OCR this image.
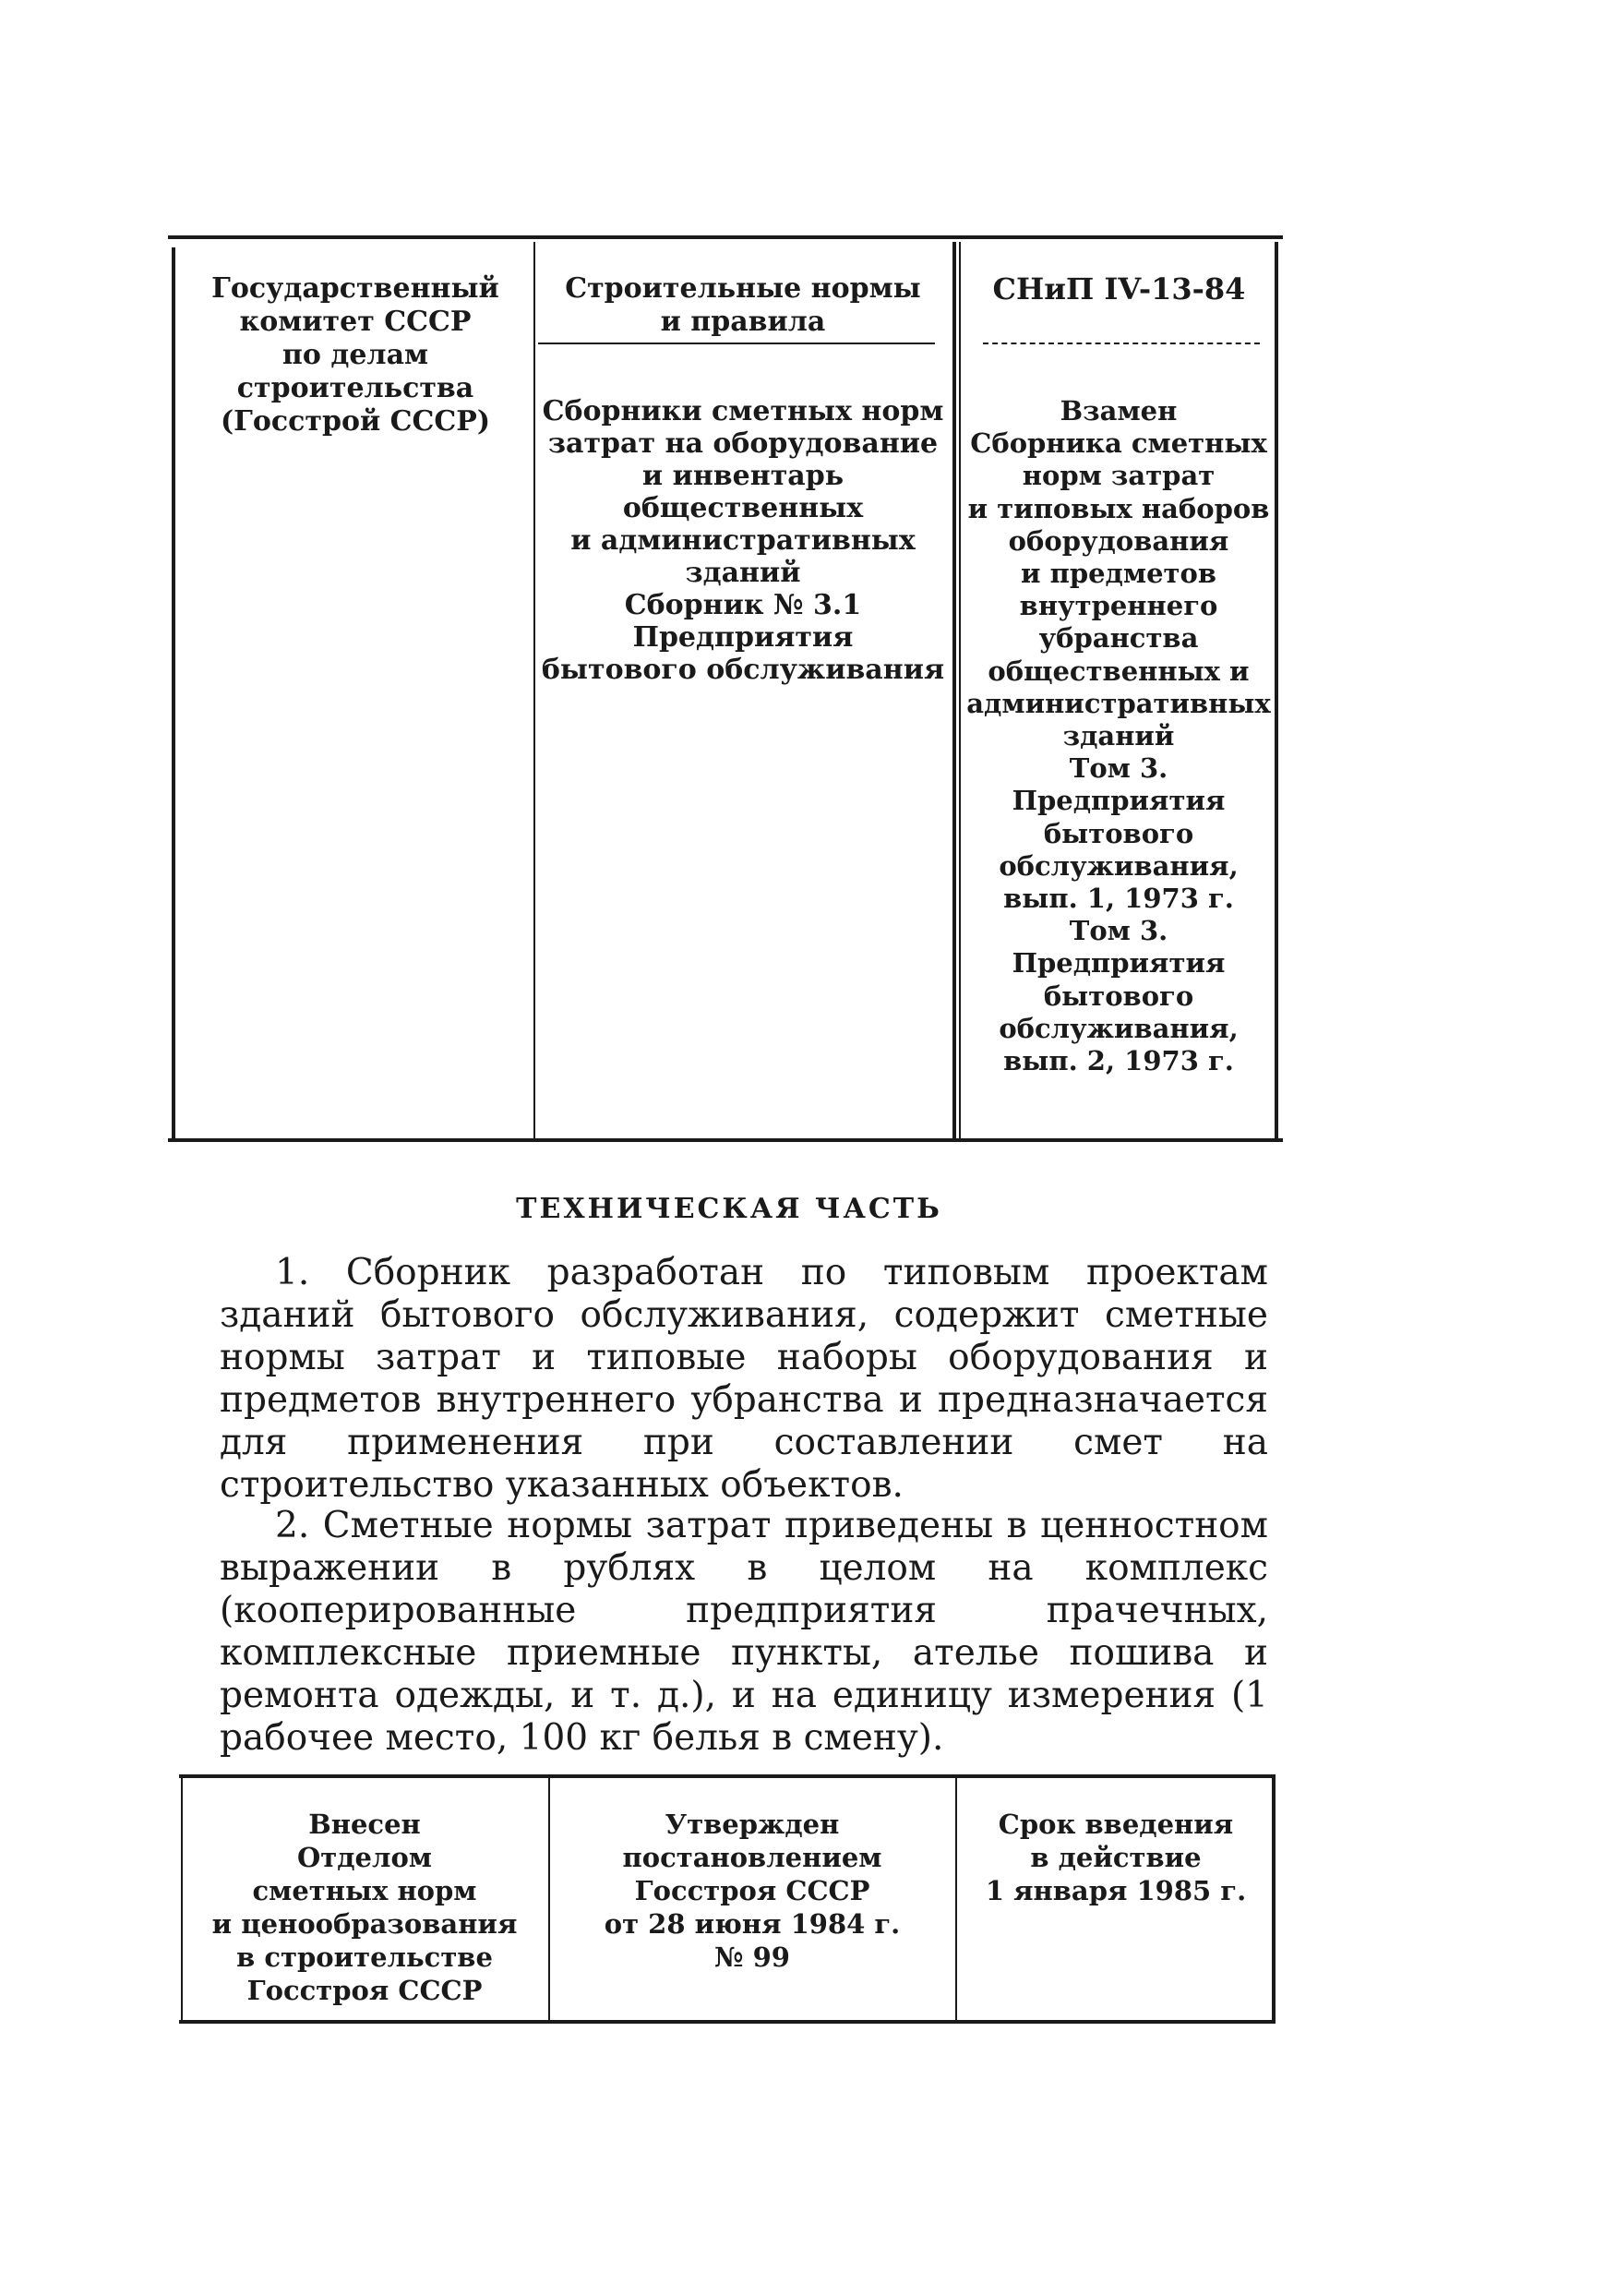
Государственный
комитет СССР
по делам
строительства
(Госстрой СССР)
Строительные нормы
и правила
Сборники сметных норм
затрат на оборудование
и инвентарь
общественных
и административных
зданий
Сборник № 3.1
Предприятия
бытового обслуживания
СНиП IV-13-84
Взамен
Сборника сметных
норм затрат
и типовых наборов
оборудования
и предметов
внутреннего
убранства
общественных и
административных
зданий
Том 3.
Предприятия
бытового
обслуживания,
вып. 1, 1973 г.
Том 3.
Предприятия
бытового
обслуживания,
вып. 2, 1973 г.
ТЕХНИЧЕСКАЯ ЧАСТЬ
1. Сборник разработан по типовым проектам зданий бытового обслуживания, содержит сметные нормы затрат и типовые наборы оборудования и предметов внутреннего убранства и предназначается для применения при составлении смет на строительство указанных объектов.
2. Сметные нормы затрат приведены в ценностном выражении в рублях в целом на комплекс (кооперированные предприятия прачечных, комплексные приемные пункты, ателье пошива и ремонта одежды, и т. д.), и на единицу измерения (1 рабочее место, 100 кг белья в смену).
Внесен
Отделом
сметных норм
и ценообразования
в строительстве
Госстроя СССР
Утвержден
постановлением
Госстроя СССР
от 28 июня 1984 г.
№ 99
Срок введения
в действие
1 января 1985 г.
